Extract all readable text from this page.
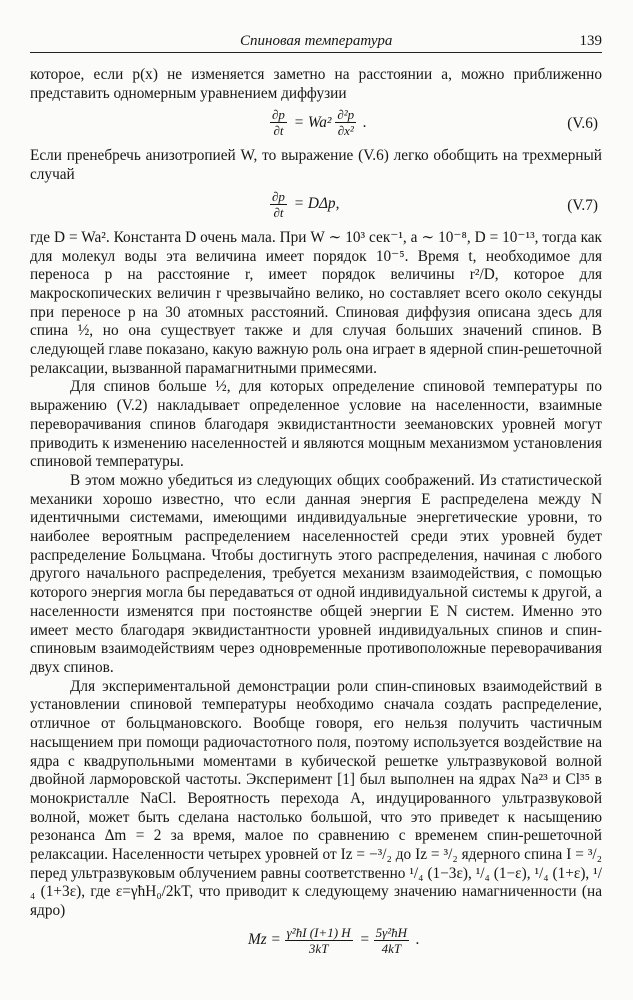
Спиновая температура	139

которое, если p(x) не изменяется заметно на расстоянии a, можно приближенно представить одномерным уравнением диффузии

$\frac{\partial p}{\partial t} = Wa^2 \frac{\text{∂²p}}{\text{∂x²}}$ .	(V.6)

Если пренебречь анизотропией W, то выражение (V.6) легко обобщить на трехмерный случай

$\frac{\partial p}{\partial t} = D\Delta p$,	(V.7)

где D = Wa². Константа D очень мала. При W ∼ 10³ сек⁻¹, a ∼ 10⁻⁸, D = 10⁻¹³, тогда как для молекул воды эта величина имеет порядок 10⁻⁵. Время t, необходимое для переноса p на расстояние r, имеет порядок величины r²/D, которое для макроскопических величин r чрезвычайно велико, но составляет всего около секунды при переносе p на 30 атомных расстояний. Спиновая диффузия описана здесь для спина ½, но она существует также и для случая больших значений спинов. В следующей главе показано, какую важную роль она играет в ядерной спин-решеточной релаксации, вызванной парамагнитными примесями.

Для спинов больше ½, для которых определение спиновой температуры по выражению (V.2) накладывает определенное условие на населенности, взаимные переворачивания спинов благодаря эквидистантности зеемановских уровней могут приводить к изменению населенностей и являются мощным механизмом установления спиновой температуры.

В этом можно убедиться из следующих общих соображений. Из статистической механики хорошо известно, что если данная энергия E распределена между N идентичными системами, имеющими индивидуальные энергетические уровни, то наиболее вероятным распределением населенностей среди этих уровней будет распределение Больцмана. Чтобы достигнуть этого распределения, начиная с любого другого начального распределения, требуется механизм взаимодействия, с помощью которого энергия могла бы передаваться от одной индивидуальной системы к другой, а населенности изменятся при постоянстве общей энергии E N систем. Именно это имеет место благодаря эквидистантности уровней индивидуальных спинов и спин-спиновым взаимодействиям через одновременные противоположные переворачивания двух спинов.

Для экспериментальной демонстрации роли спин-спиновых взаимодействий в установлении спиновой температуры необходимо сначала создать распределение, отличное от больцмановского. Вообще говоря, его нельзя получить частичным насыщением при помощи радиочастотного поля, поэтому используется воздействие на ядра с квадрупольными моментами в кубической решетке ультразвуковой волной двойной ларморовской частоты. Эксперимент [1] был выполнен на ядрах Na²³ и Cl³⁵ в монокристалле NaCl. Вероятность перехода A, индуцированного ультразвуковой волной, может быть сделана настолько большой, что это приведет к насыщению резонанса Δm = 2 за время, малое по сравнению с временем спин-решеточной релаксации. Населенности четырех уровней от Iz = −³/₂ до Iz = ³/₂ ядерного спина I = ³/₂ перед ультразвуковым облучением равны соответственно ¹/₄ (1−3ε), ¹/₄ (1−ε), ¹/₄ (1+ε), ¹/₄ (1+3ε), где ε=γħH₀/2kT, что приводит к следующему значению намагниченности (на ядро)

$Mz = \frac{\text{γ²ħI (I+1) H}}{3kT} = \frac{\text{5γ²ħH}}{4kT}$ .
